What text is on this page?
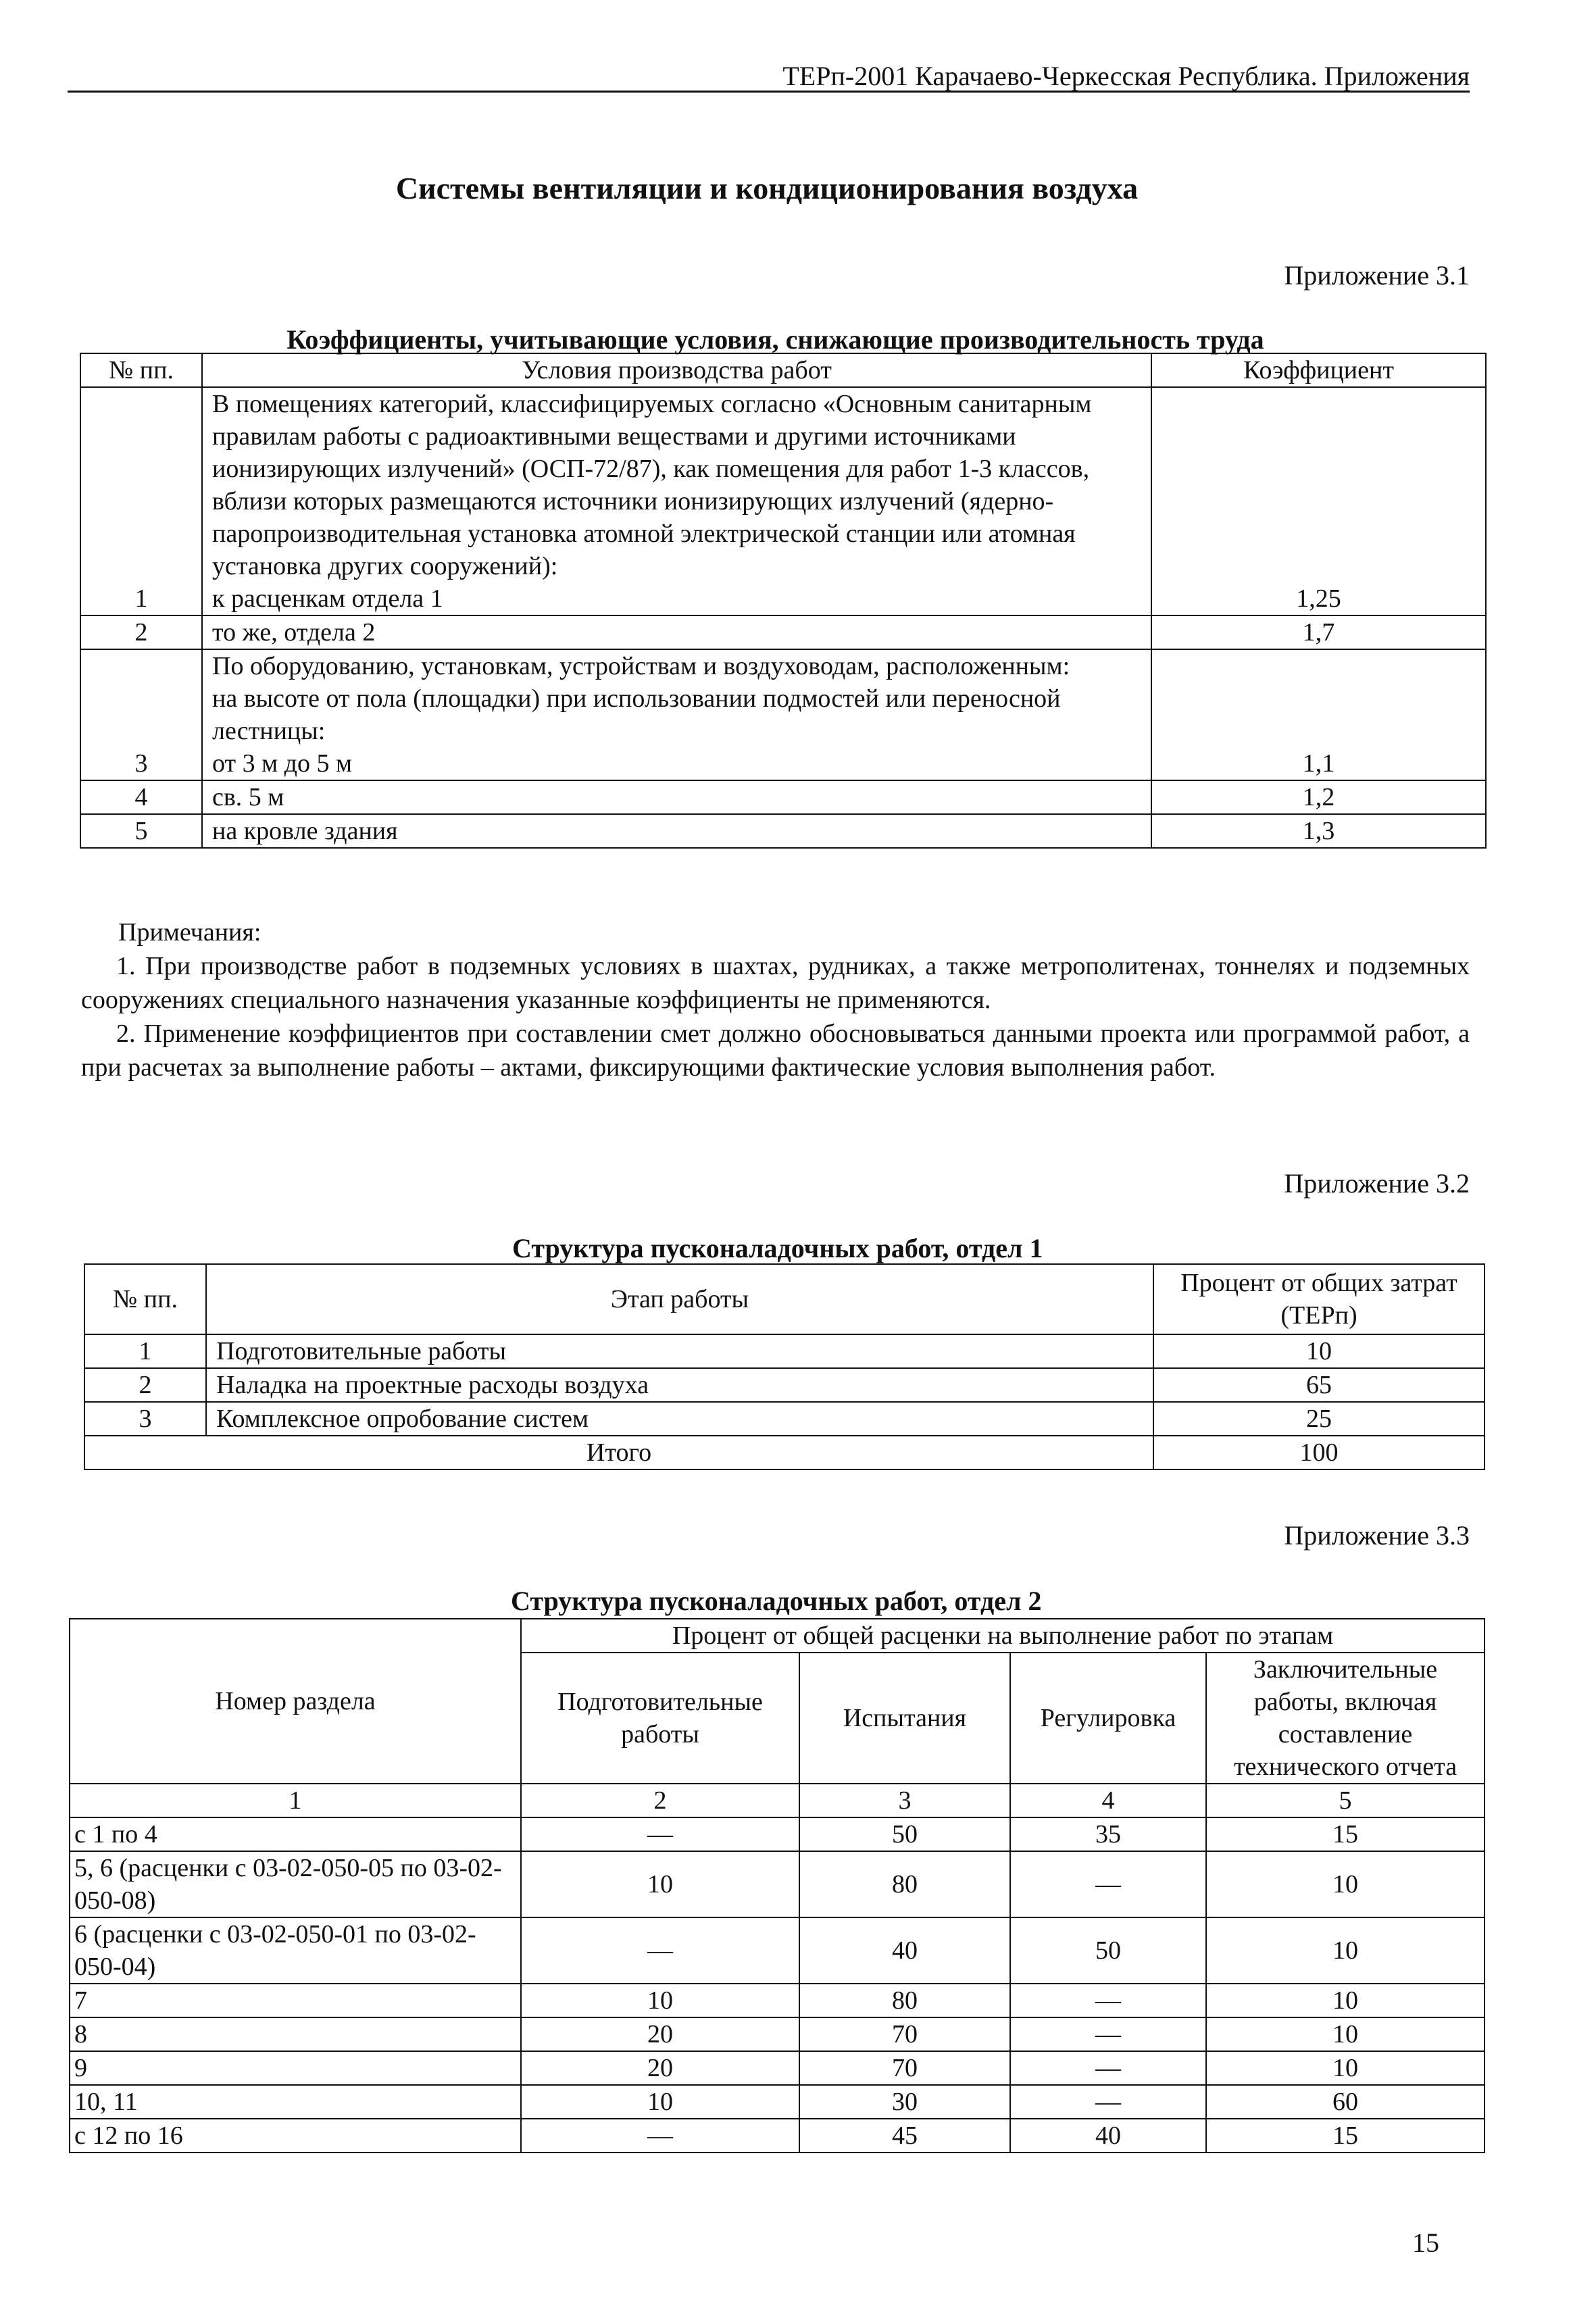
ТЕРп-2001 Карачаево-Черкесская Республика. Приложения
Системы вентиляции и кондиционирования воздуха
Приложение 3.1
Коэффициенты, учитывающие условия, снижающие производительность труда
№ пп.	Условия производства работ	Коэффициент
1	В помещениях категорий, классифицируемых согласно «Основным санитарным правилам работы с радиоактивными веществами и другими источниками ионизирующих излучений» (ОСП-72/87), как помещения для работ 1-3 классов, вблизи которых размещаются источники ионизирующих излучений (ядерно-паропроизводительная установка атомной электрической станции или атомная установка других сооружений):
к расценкам отдела 1	1,25
2	то же, отдела 2	1,7
3	По оборудованию, установкам, устройствам и воздуховодам, расположенным:
на высоте от пола (площадки) при использовании подмостей или переносной лестницы:
от 3 м до 5 м	1,1
4	св. 5 м	1,2
5	на кровле здания	1,3

Примечания:

1. При производстве работ в подземных условиях в шахтах, рудниках, а также метрополитенах, тоннелях и подземных сооружениях специального назначения указанные коэффициенты не применяются.

2. Применение коэффициентов при составлении смет должно обосновываться данными проекта или программой работ, а при расчетах за выполнение работы – актами, фиксирующими фактические условия выполнения работ.

Приложение 3.2
Структура пусконаладочных работ, отдел 1
№ пп.	Этап работы	Процент от общих затрат (ТЕРп)
1	Подготовительные работы	10
2	Наладка на проектные расходы воздуха	65
3	Комплексное опробование систем	25
Итого		100
Приложение 3.3
Структура пусконаладочных работ, отдел 2
Номер раздела	Процент от общей расценки на выполнение работ по этапам			
	Подготовительные работы	Испытания	Регулировка	Заключительные работы, включая составление технического отчета
1	2	3	4	5
с 1 по 4	—	50	35	15
5, 6 (расценки с 03-02-050-05 по 03-02-050-08)	10	80	—	10
6 (расценки с 03-02-050-01 по 03-02-050-04)	—	40	50	10
7	10	80	—	10
8	20	70	—	10
9	20	70	—	10
10, 11	10	30	—	60
с 12 по 16	—	45	40	15
15
